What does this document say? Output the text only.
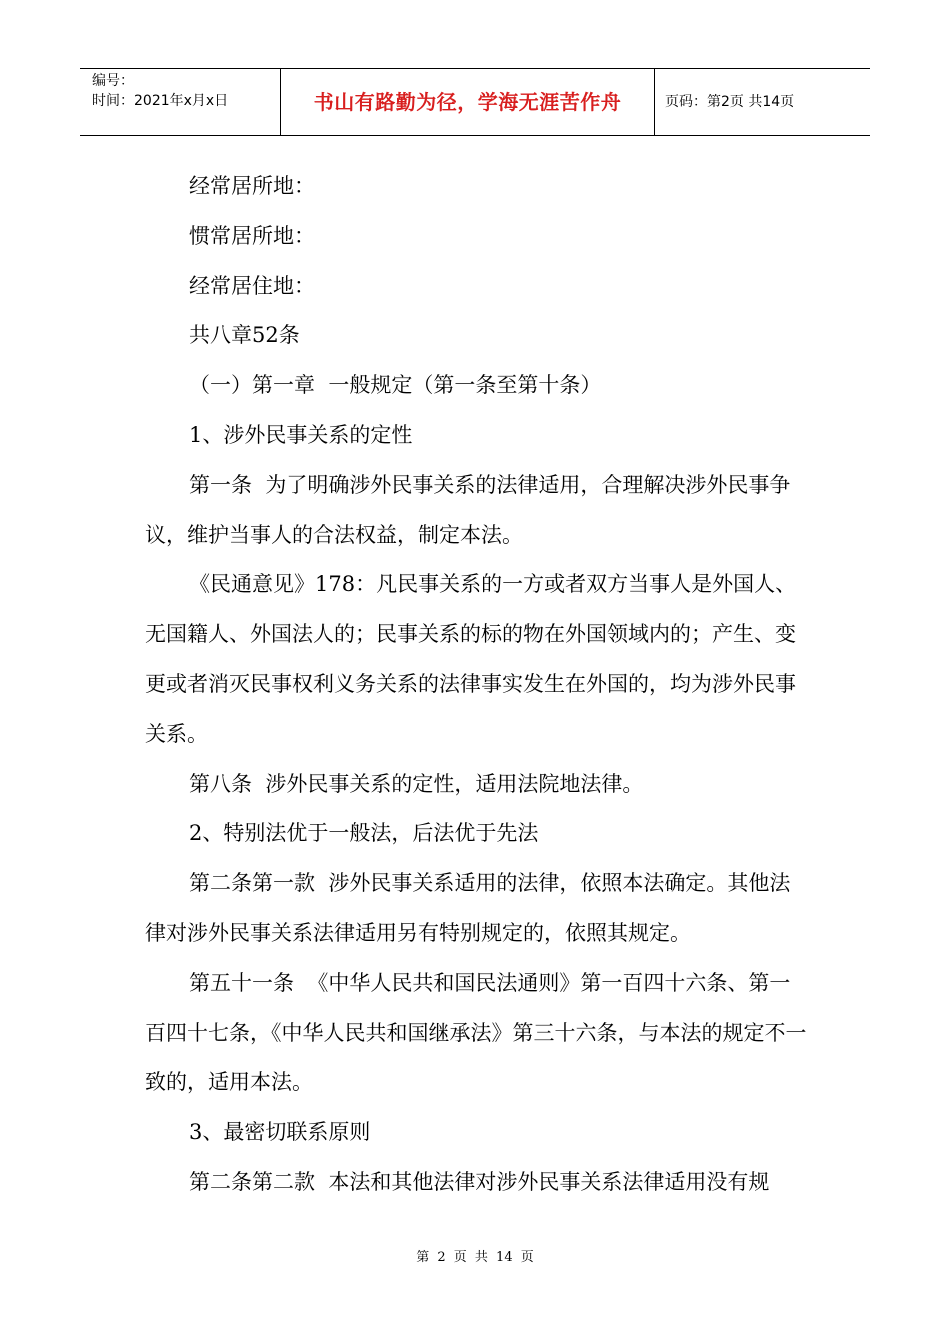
编号：
时间：2021年x月x日	书山有路勤为径，学海无涯苦作舟	页码：第2页 共14页

经常居所地：

惯常居所地：

经常居住地：

共八章52条

（一）第一章  一般规定（第一条至第十条）

1、涉外民事关系的定性

第一条  为了明确涉外民事关系的法律适用，合理解决涉外民事争议，维护当事人的合法权益，制定本法。

《民通意见》178：凡民事关系的一方或者双方当事人是外国人、无国籍人、外国法人的；民事关系的标的物在外国领域内的；产生、变更或者消灭民事权利义务关系的法律事实发生在外国的，均为涉外民事关系。

第八条  涉外民事关系的定性，适用法院地法律。

2、特别法优于一般法，后法优于先法

第二条第一款  涉外民事关系适用的法律，依照本法确定。其他法律对涉外民事关系法律适用另有特别规定的，依照其规定。

第五十一条  《中华人民共和国民法通则》第一百四十六条、第一百四十七条，《中华人民共和国继承法》第三十六条，与本法的规定不一致的，适用本法。

3、最密切联系原则

第二条第二款  本法和其他法律对涉外民事关系法律适用没有规

第 2 页 共 14 页
